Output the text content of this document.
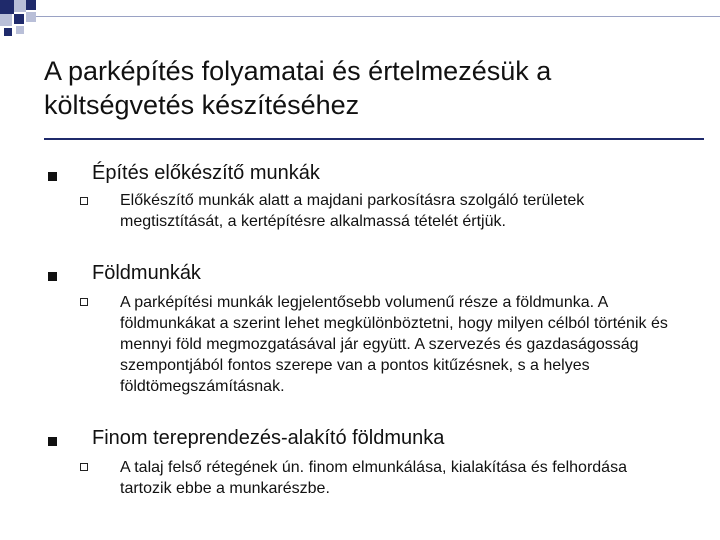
A parképítés folyamatai és értelmezésük a költségvetés készítéséhez
Építés előkészítő munkák
Előkészítő munkák alatt a majdani parkosításra szolgáló területek megtisztítását, a kertépítésre alkalmassá tételét értjük.
Földmunkák
A parképítési munkák legjelentősebb volumenű része a földmunka. A földmunkákat a szerint lehet megkülönböztetni, hogy milyen célból történik és mennyi föld megmozgatásával jár együtt. A szervezés és gazdaságosság szempontjából fontos szerepe van a pontos kitűzésnek, s a helyes földtömegszámításnak.
Finom tereprendezés-alakító földmunka
A talaj felső rétegének ún. finom elmunkálása, kialakítása és felhordása tartozik ebbe a munkarészbe.
